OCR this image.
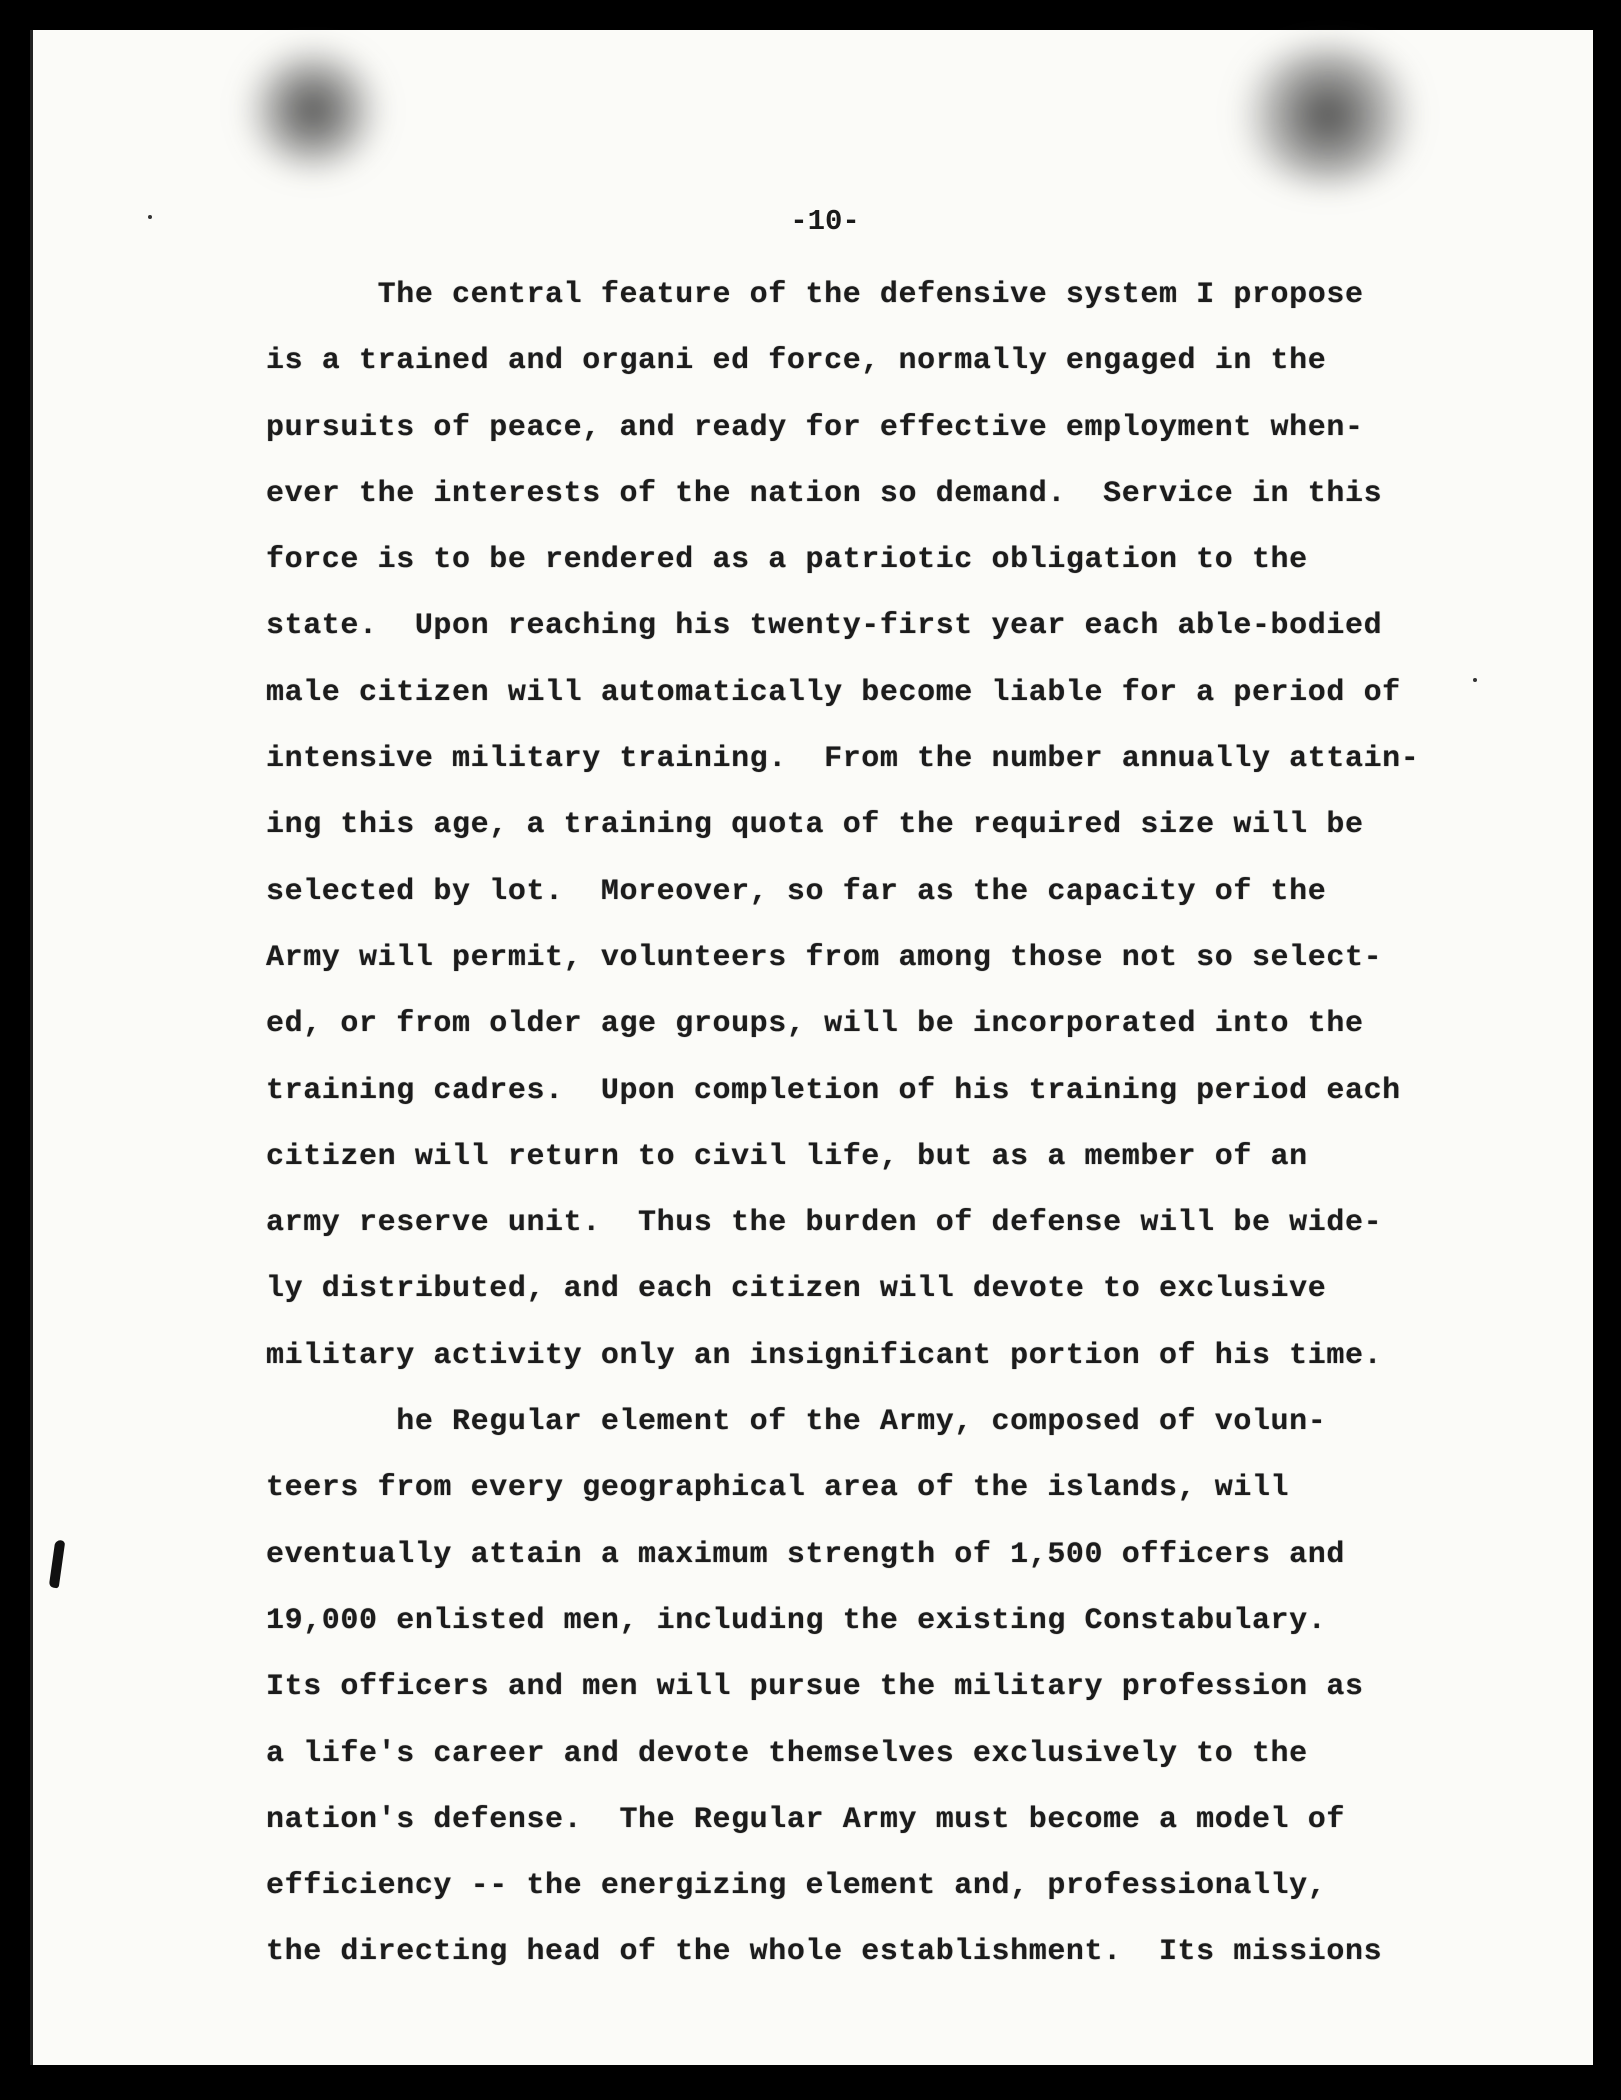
-10-
The central feature of the defensive system I propose
is a trained and organi ed force, normally engaged in the
pursuits of peace, and ready for effective employment when-
ever the interests of the nation so demand.  Service in this
force is to be rendered as a patriotic obligation to the
state.  Upon reaching his twenty-first year each able-bodied
male citizen will automatically become liable for a period of
intensive military training.  From the number annually attain-
ing this age, a training quota of the required size will be
selected by lot.  Moreover, so far as the capacity of the
Army will permit, volunteers from among those not so select-
ed, or from older age groups, will be incorporated into the
training cadres.  Upon completion of his training period each
citizen will return to civil life, but as a member of an
army reserve unit.  Thus the burden of defense will be wide-
ly distributed, and each citizen will devote to exclusive
military activity only an insignificant portion of his time.
he Regular element of the Army, composed of volun-
teers from every geographical area of the islands, will
eventually attain a maximum strength of 1,500 officers and
19,000 enlisted men, including the existing Constabulary.
Its officers and men will pursue the military profession as
a life's career and devote themselves exclusively to the
nation's defense.  The Regular Army must become a model of
efficiency -- the energizing element and, professionally,
the directing head of the whole establishment.  Its missions
